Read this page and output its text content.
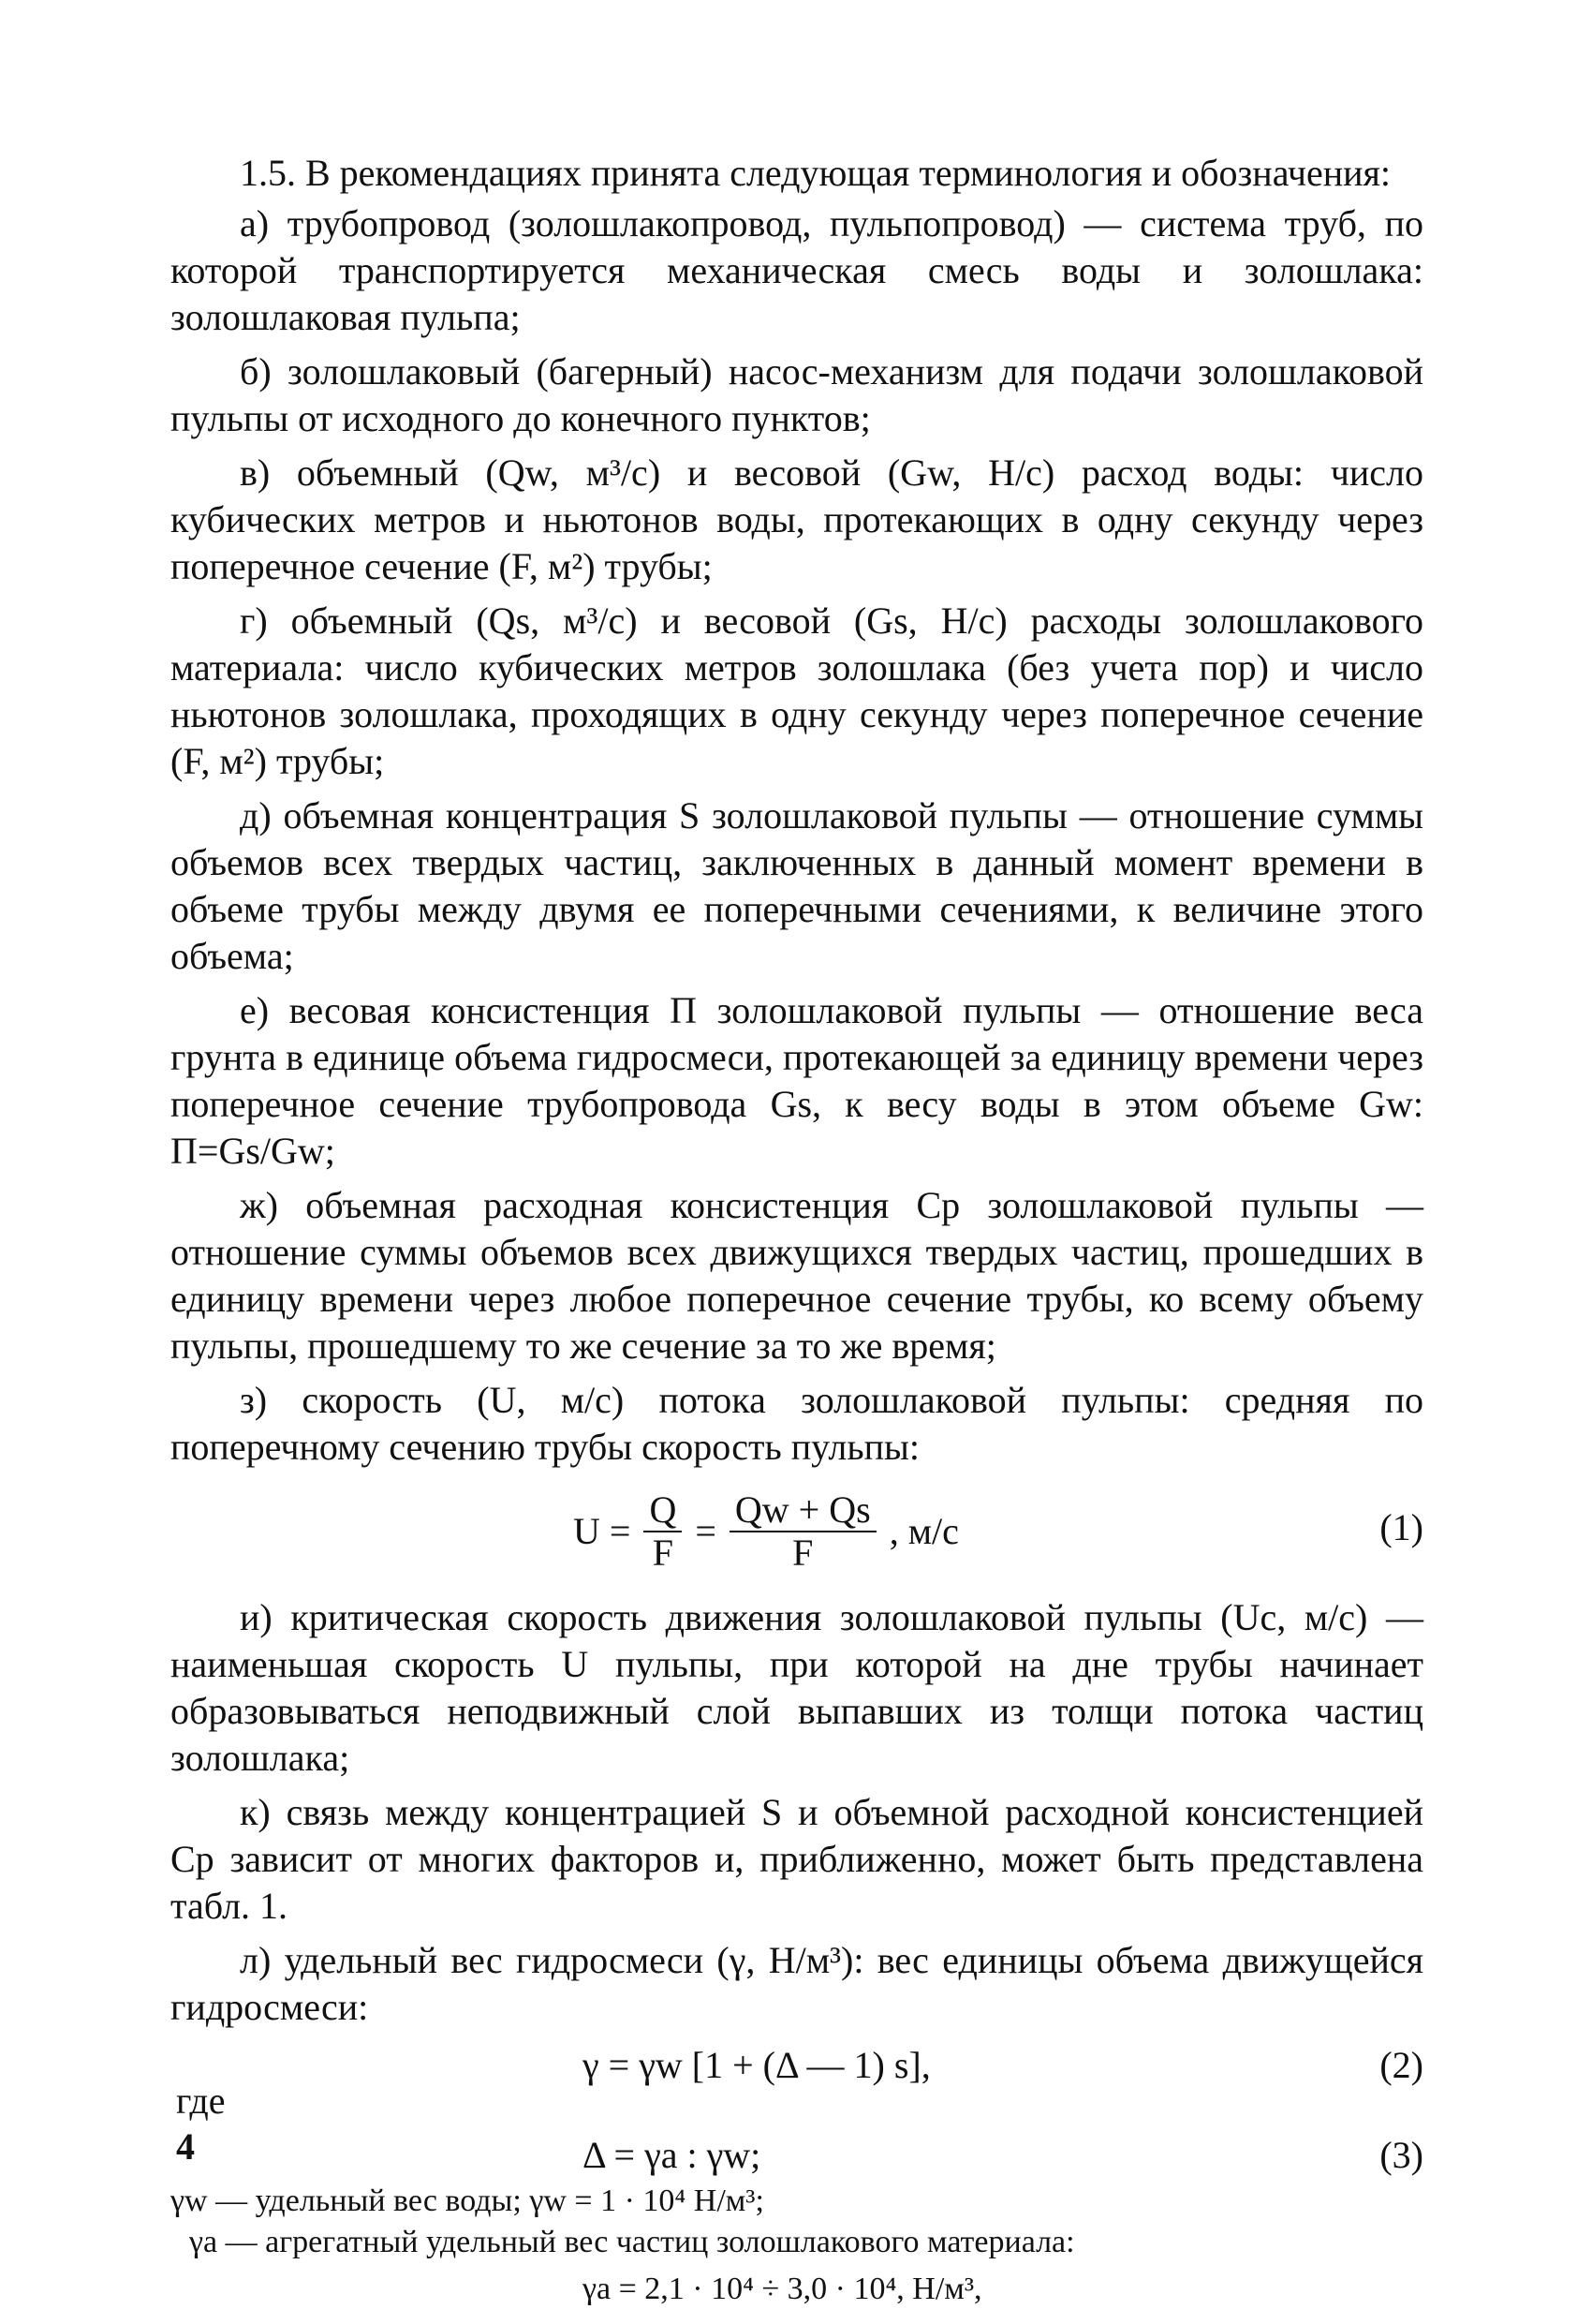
1.5. В рекомендациях принята следующая терминология и обозначения:

а) трубопровод (золошлакопровод, пульпопровод) — система труб, по которой транспортируется механическая смесь воды и золошлака: золошлаковая пульпа;

б) золошлаковый (багерный) насос-механизм для подачи золошлаковой пульпы от исходного до конечного пунктов;

в) объемный (Qw, м³/с) и весовой (Gw, Н/с) расход воды: число кубических метров и ньютонов воды, протекающих в одну секунду через поперечное сечение (F, м²) трубы;

г) объемный (Qs, м³/с) и весовой (Gs, Н/с) расходы золошлакового материала: число кубических метров золошлака (без учета пор) и число ньютонов золошлака, проходящих в одну секунду через поперечное сечение (F, м²) трубы;

д) объемная концентрация S золошлаковой пульпы — отношение суммы объемов всех твердых частиц, заключенных в данный момент времени в объеме трубы между двумя ее поперечными сечениями, к величине этого объема;

е) весовая консистенция П золошлаковой пульпы — отношение веса грунта в единице объема гидросмеси, протекающей за единицу времени через поперечное сечение трубопровода Gs, к весу воды в этом объеме Gw: П=Gs/Gw;

ж) объемная расходная консистенция Cp золошлаковой пульпы — отношение суммы объемов всех движущихся твердых частиц, прошедших в единицу времени через любое поперечное сечение трубы, ко всему объему пульпы, прошедшему то же сечение за то же время;

з) скорость (U, м/с) потока золошлаковой пульпы: средняя по поперечному сечению трубы скорость пульпы:

$U = \frac{Q}{F} = \frac{Qw + Qs}{F}$ , м/с	(1)

и) критическая скорость движения золошлаковой пульпы (Uc, м/с) — наименьшая скорость U пульпы, при которой на дне трубы начинает образовываться неподвижный слой выпавших из толщи потока частиц золошлака;

к) связь между концентрацией S и объемной расходной консистенцией Cp зависит от многих факторов и, приближенно, может быть представлена табл. 1.

л) удельный вес гидросмеси (γ, Н/м³): вес единицы объема движущейся гидросмеси:

γ = γw [1 + (Δ — 1) s],	(2)
где
Δ = γa : γw;	(3)

γw — удельный вес воды; γw = 1 · 10⁴ Н/м³;

γa — агрегатный удельный вес частиц золошлакового материала:

γa = 2,1 · 10⁴ ÷ 3,0 · 10⁴, Н/м³,

4
